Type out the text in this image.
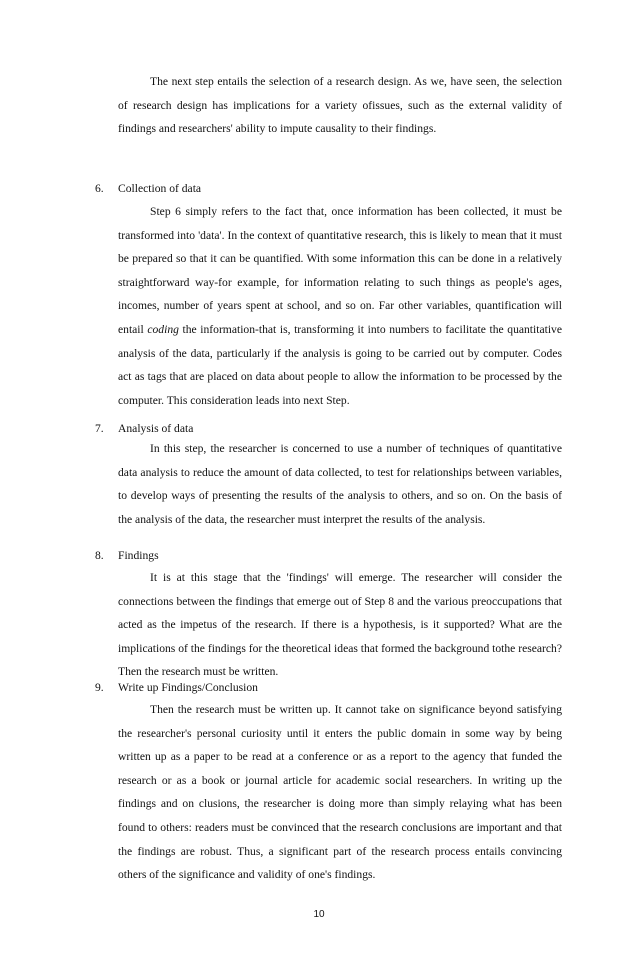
The next step entails the selection of a research design. As we, have seen, the selection of research design has implications for a variety ofissues, such as the external validity of findings and researchers' ability to impute causality to their findings.

6. Collection of data

Step 6 simply refers to the fact that, once information has been collected, it must be transformed into 'data'. In the context of quantitative research, this is likely to mean that it must be prepared so that it can be quantified. With some information this can be done in a relatively straightforward way-for example, for information relating to such things as people's ages, incomes, number of years spent at school, and so on. Far other variables, quantification will entail coding the information-that is, transforming it into numbers to facilitate the quantitative analysis of the data, particularly if the analysis is going to be carried out by computer. Codes act as tags that are placed on data about people to allow the information to be processed by the computer. This consideration leads into next Step.

7. Analysis of data

In this step, the researcher is concerned to use a number of techniques of quantitative data analysis to reduce the amount of data collected, to test for relationships between variables, to develop ways of presenting the results of the analysis to others, and so on. On the basis of the analysis of the data, the researcher must interpret the results of the analysis.

8. Findings

It is at this stage that the 'findings' will emerge. The researcher will consider the connections between the findings that emerge out of Step 8 and the various preoccupations that acted as the impetus of the research. If there is a hypothesis, is it supported? What are the implications of the findings for the theoretical ideas that formed the background tothe research? Then the research must be written.

9. Write up Findings/Conclusion

Then the research must be written up. It cannot take on significance beyond satisfying the researcher's personal curiosity until it enters the public domain in some way by being written up as a paper to be read at a conference or as a report to the agency that funded the research or as a book or journal article for academic social researchers. In writing up the findings and on clusions, the researcher is doing more than simply relaying what has been found to others: readers must be convinced that the research conclusions are important and that the findings are robust. Thus, a significant part of the research process entails convincing others of the significance and validity of one's findings.

10
